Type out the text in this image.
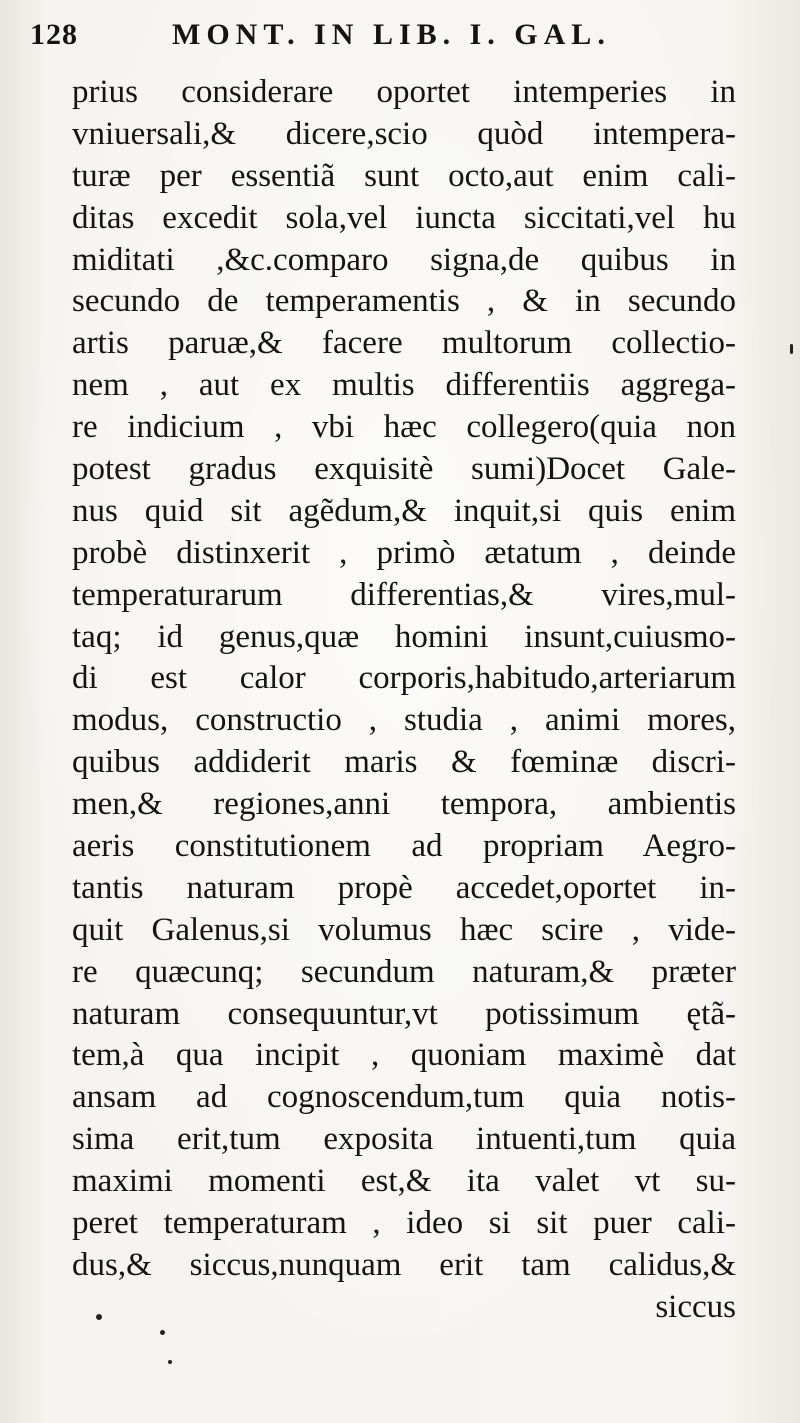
128	MONT. IN LIB. I. GAL.
prius considerare oportet intemperies in
vniuersali,& dicere,scio quòd intempera-
turæ per essentiã sunt octo,aut enim cali-
ditas excedit sola,vel iuncta siccitati,vel hu
miditati ,&c.comparo signa,de quibus in
secundo de temperamentis , & in secundo
artis paruæ,& facere multorum collectio-
nem , aut ex multis differentiis aggrega-
re indicium , vbi hæc collegero(quia non
potest gradus exquisitè sumi)Docet Gale-
nus quid sit agẽdum,& inquit,si quis enim
probè distinxerit , primò ætatum , deinde
temperaturarum differentias,& vires,mul-
taq; id genus,quæ homini insunt,cuiusmo-
di est calor corporis,habitudo,arteriarum
modus, constructio , studia , animi mores,
quibus addiderit maris & fœminæ discri-
men,& regiones,anni tempora, ambientis
aeris constitutionem ad propriam Aegro-
tantis naturam propè accedet,oportet in-
quit Galenus,si volumus hæc scire , vide-
re quæcunq; secundum naturam,& præter
naturam consequuntur,vt potissimum ętã-
tem,à qua incipit , quoniam maximè dat
ansam ad cognoscendum,tum quia notis-
sima erit,tum exposita intuenti,tum quia
maximi momenti est,& ita valet vt su-
peret temperaturam , ideo si sit puer cali-
dus,& siccus,nunquam erit tam calidus,&
siccus
